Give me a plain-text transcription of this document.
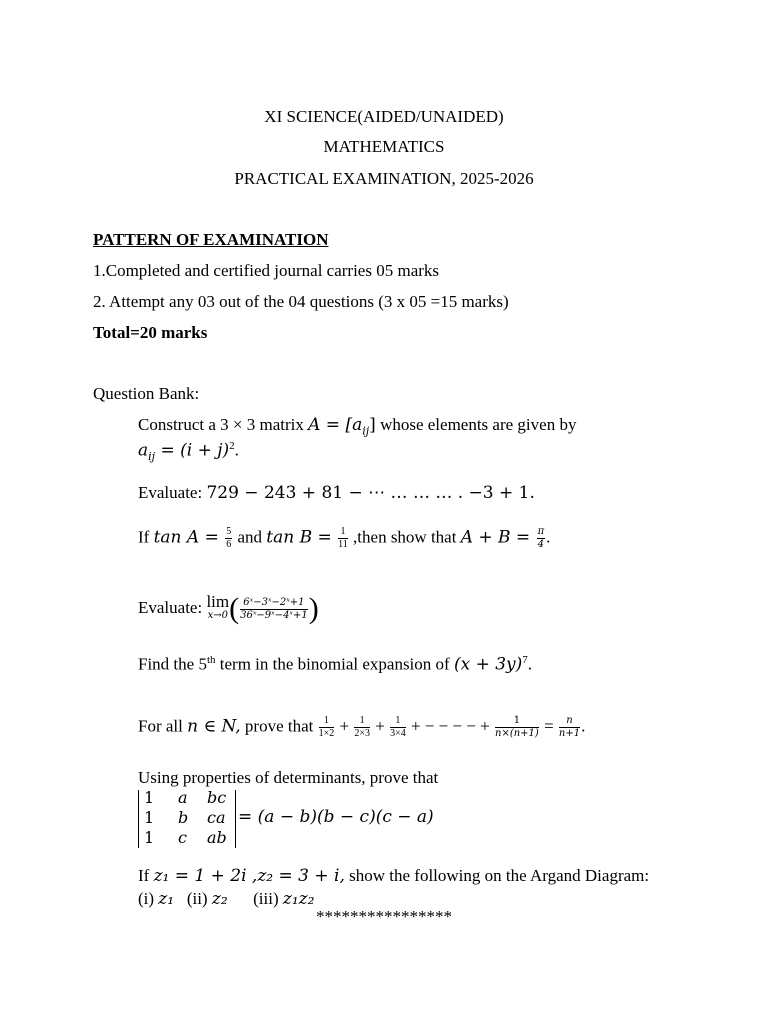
XI SCIENCE(AIDED/UNAIDED)
MATHEMATICS
PRACTICAL EXAMINATION, 2025-2026
PATTERN OF EXAMINATION
1.Completed and certified journal carries 05 marks
2. Attempt any 03 out of the 04 questions (3 x 05 =15 marks)
Total=20 marks
Question Bank:
Construct a 3 × 3 matrix $A = [a_{ij}]$ whose elements are given by
$a_{ij} = (i + j)^2$.
Evaluate: 729 − 243 + 81 − ⋯ … … … . −3 + 1.
If $\tan A = \frac{5}{6}$ and $\tan B = \frac{1}{11}$ ,then show that $A + B = \frac{\pi}{4}$ .
Evaluate: lim
x→0 ( $\frac{\text{6ˣ−3ˣ−2ˣ+1}}{\text{36ˣ−9ˣ−4ˣ+1}}$ )
Find the 5th term in the binomial expansion of $(x + 3y)^7$.
For all n ∈ N, prove that $\frac{1}{1\times 2} + \frac{1}{2\times 3} + \frac{1}{3\times 4}$ + − − − − + $\frac{1}{n\times(n+1)} = \frac{n}{n+1}$ .
Using properties of determinants, prove that
1 a bc
1 b ca
1 c ab
= (a − b)(b − c)(c − a)
If z₁ = 1 + 2i ,z₂ = 3 + i, show the following on the Argand Diagram:
(i) z₁   (ii) z₂      (iii) z₁z₂
****************
